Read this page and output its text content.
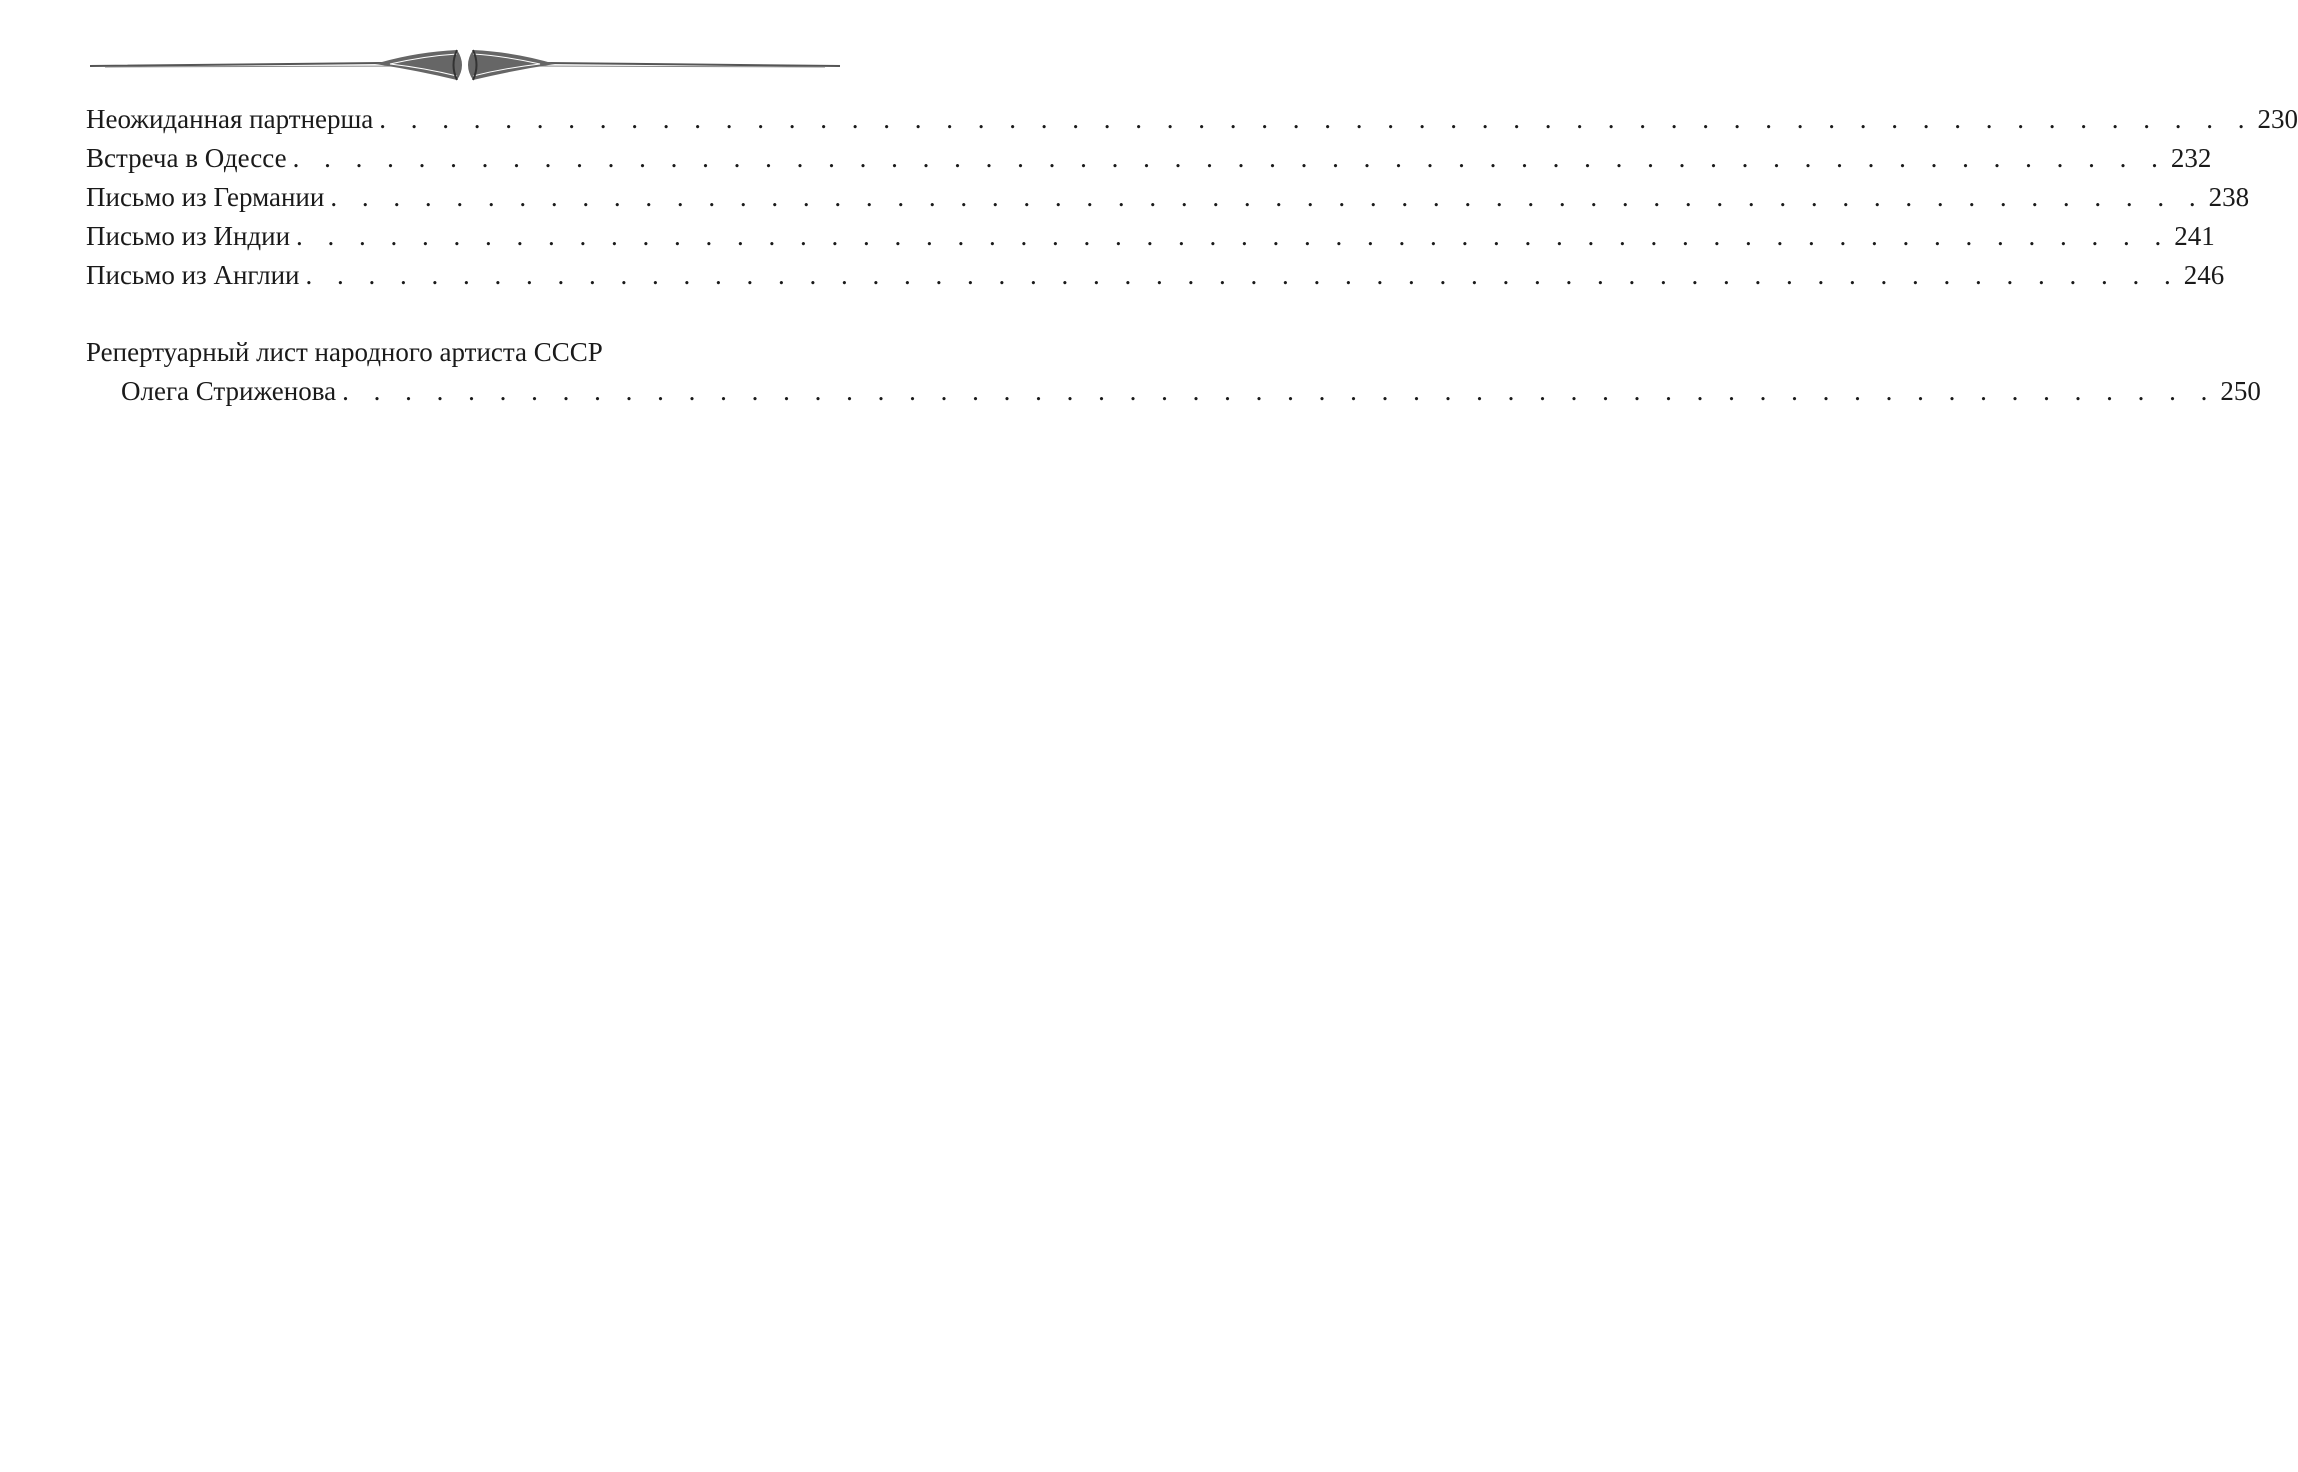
Неожиданная партнерша . . . . . . . . . . . . . . . . . . . . . . . . . . . . . . . . . . . . . . . . . . . . . . . . . . . . . . . . . . . . 230
Встреча в Одессе . . . . . . . . . . . . . . . . . . . . . . . . . . . . . . . . . . . . . . . . . . . . . . . . . . . . . . . . . . . . 232
Письмо из Германии . . . . . . . . . . . . . . . . . . . . . . . . . . . . . . . . . . . . . . . . . . . . . . . . . . . . . . . . . . . . 238
Письмо из Индии . . . . . . . . . . . . . . . . . . . . . . . . . . . . . . . . . . . . . . . . . . . . . . . . . . . . . . . . . . . . 241
Письмо из Англии . . . . . . . . . . . . . . . . . . . . . . . . . . . . . . . . . . . . . . . . . . . . . . . . . . . . . . . . . . . . 246
Репертуарный лист народного артиста СССР
Олега Стриженова . . . . . . . . . . . . . . . . . . . . . . . . . . . . . . . . . . . . . . . . . . . . . . . . . . . . . . . . . . . . 250
